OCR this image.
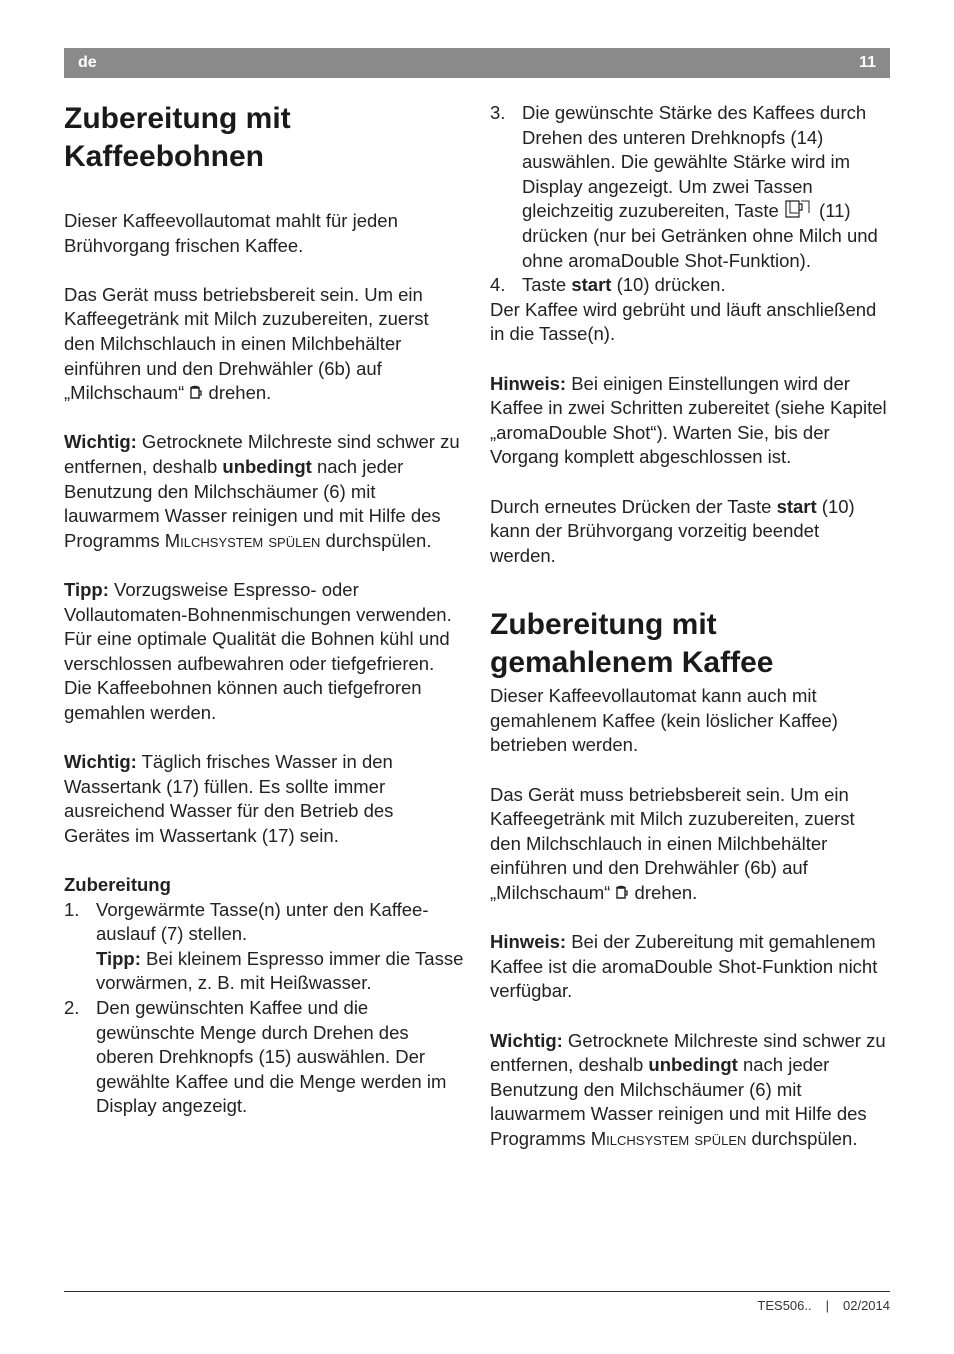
de	11
Zubereitung mit Kaffeebohnen

Dieser Kaffeevollautomat mahlt für jeden Brühvorgang frischen Kaffee.

Das Gerät muss betriebsbereit sein. Um ein Kaffeegetränk mit Milch zuzubereiten, zuerst den Milchschlauch in einen Milchbehälter einführen und den Drehwähler (6b) auf „Milchschaum“  drehen.

Wichtig: Getrocknete Milchreste sind schwer zu entfernen, deshalb unbedingt nach jeder Benutzung den Milchschäumer (6) mit lauwarmem Wasser reinigen und mit Hilfe des Programms Milchsystem spülen durchspülen.

Tipp: Vorzugsweise Espresso- oder Vollautomaten-Bohnenmischungen verwenden. Für eine optimale Qualität die Bohnen kühl und verschlossen aufbewahren oder tiefgefrieren. Die Kaffeebohnen können auch tiefgefroren gemahlen werden.

Wichtig: Täglich frisches Wasser in den Wassertank (17) füllen. Es sollte immer ausreichend Wasser für den Betrieb des Gerätes im Wassertank (17) sein.

Zubereitung

1. Vorgewärmte Tasse(n) unter den Kaffeeauslauf (7) stellen.
Tipp: Bei kleinem Espresso immer die Tasse vorwärmen, z. B. mit Heißwasser.
2. Den gewünschten Kaffee und die gewünschte Menge durch Drehen des oberen Drehknopfs (15) auswählen. Der gewählte Kaffee und die Menge werden im Display angezeigt.
3. Die gewünschte Stärke des Kaffees durch Drehen des unteren Drehknopfs (14) auswählen. Die gewählte Stärke wird im Display angezeigt. Um zwei Tassen gleichzeitig zuzubereiten, Taste  (11) drücken (nur bei Getränken ohne Milch und ohne aromaDouble Shot-Funktion).
4. Taste start (10) drücken.

Der Kaffee wird gebrüht und läuft anschließend in die Tasse(n).

Hinweis: Bei einigen Einstellungen wird der Kaffee in zwei Schritten zubereitet (siehe Kapitel „aromaDouble Shot“). Warten Sie, bis der Vorgang komplett abgeschlossen ist.

Durch erneutes Drücken der Taste start (10) kann der Brühvorgang vorzeitig beendet werden.

Zubereitung mit gemahlenem Kaffee

Dieser Kaffeevollautomat kann auch mit gemahlenem Kaffee (kein löslicher Kaffee) betrieben werden.

Das Gerät muss betriebsbereit sein. Um ein Kaffeegetränk mit Milch zuzubereiten, zuerst den Milchschlauch in einen Milchbehälter einführen und den Drehwähler (6b) auf „Milchschaum“  drehen.

Hinweis: Bei der Zubereitung mit gemahlenem Kaffee ist die aromaDouble Shot-Funktion nicht verfügbar.

Wichtig: Getrocknete Milchreste sind schwer zu entfernen, deshalb unbedingt nach jeder Benutzung den Milchschäumer (6) mit lauwarmem Wasser reinigen und mit Hilfe des Programms Milchsystem spülen durchspülen.

TES506.. | 02/2014
